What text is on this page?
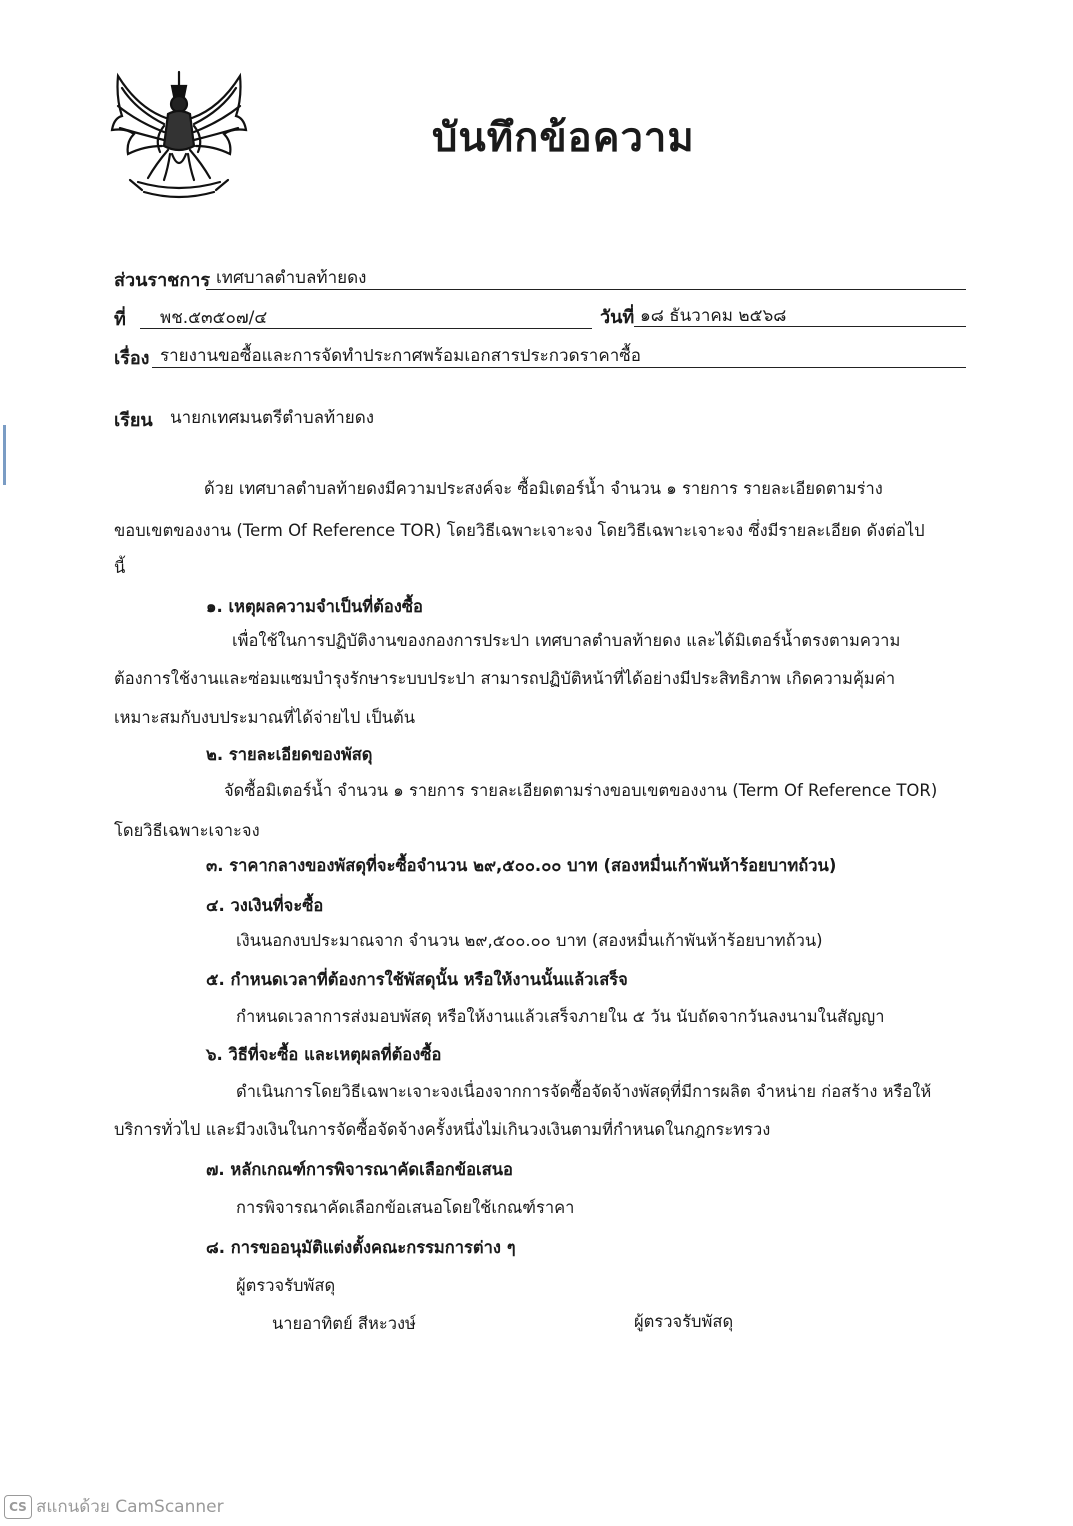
บันทึกข้อความ
ส่วนราชการ เทศบาลตำบลท้ายดง
ที่ พช.๕๓๕๐๗/๔	วันที่ ๑๘ ธันวาคม ๒๕๖๘
เรื่อง รายงานขอซื้อและการจัดทำประกาศพร้อมเอกสารประกวดราคาซื้อ
เรียน นายกเทศมนตรีตำบลท้ายดง
ด้วย เทศบาลตำบลท้ายดงมีความประสงค์จะ ซื้อมิเตอร์น้ำ จำนวน ๑ รายการ รายละเอียดตามร่าง
ขอบเขตของงาน (Term Of Reference TOR) โดยวิธีเฉพาะเจาะจง โดยวิธีเฉพาะเจาะจง ซึ่งมีรายละเอียด ดังต่อไป
นี้
๑. เหตุผลความจำเป็นที่ต้องซื้อ
เพื่อใช้ในการปฏิบัติงานของกองการประปา เทศบาลตำบลท้ายดง และได้มิเตอร์น้ำตรงตามความ
ต้องการใช้งานและซ่อมแซมบำรุงรักษาระบบประปา สามารถปฏิบัติหน้าที่ได้อย่างมีประสิทธิภาพ เกิดความคุ้มค่า
เหมาะสมกับงบประมาณที่ได้จ่ายไป เป็นต้น
๒. รายละเอียดของพัสดุ
จัดซื้อมิเตอร์น้ำ จำนวน ๑ รายการ รายละเอียดตามร่างขอบเขตของงาน (Term Of Reference TOR)
โดยวิธีเฉพาะเจาะจง
๓. ราคากลางของพัสดุที่จะซื้อจำนวน ๒๙,๕๐๐.๐๐ บาท (สองหมื่นเก้าพันห้าร้อยบาทถ้วน)
๔. วงเงินที่จะซื้อ
เงินนอกงบประมาณจาก จำนวน ๒๙,๕๐๐.๐๐ บาท (สองหมื่นเก้าพันห้าร้อยบาทถ้วน)
๕. กำหนดเวลาที่ต้องการใช้พัสดุนั้น หรือให้งานนั้นแล้วเสร็จ
กำหนดเวลาการส่งมอบพัสดุ หรือให้งานแล้วเสร็จภายใน ๕ วัน นับถัดจากวันลงนามในสัญญา
๖. วิธีที่จะซื้อ และเหตุผลที่ต้องซื้อ
ดำเนินการโดยวิธีเฉพาะเจาะจงเนื่องจากการจัดซื้อจัดจ้างพัสดุที่มีการผลิต จำหน่าย ก่อสร้าง หรือให้
บริการทั่วไป และมีวงเงินในการจัดซื้อจัดจ้างครั้งหนึ่งไม่เกินวงเงินตามที่กำหนดในกฎกระทรวง
๗. หลักเกณฑ์การพิจารณาคัดเลือกข้อเสนอ
การพิจารณาคัดเลือกข้อเสนอโดยใช้เกณฑ์ราคา
๘. การขออนุมัติแต่งตั้งคณะกรรมการต่าง ๆ
ผู้ตรวจรับพัสดุ
นายอาทิตย์ สีหะวงษ์	ผู้ตรวจรับพัสดุ
CS สแกนด้วย CamScanner
